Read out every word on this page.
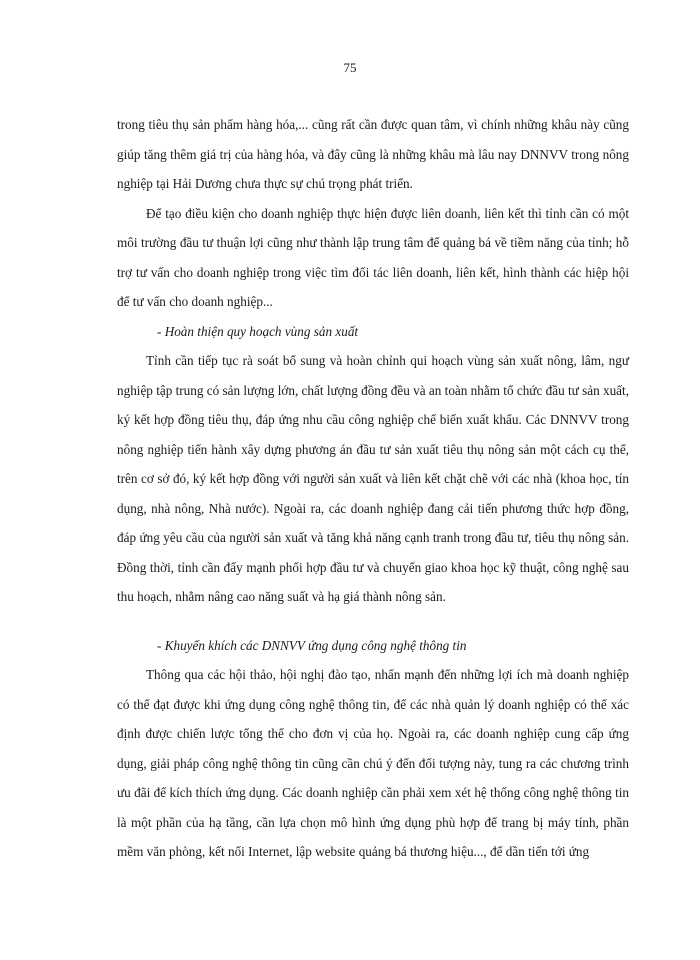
75

trong tiêu thụ sản phẩm hàng hóa,... cũng rất cần được quan tâm, vì chính những khâu này cũng giúp tăng thêm giá trị của hàng hóa, và đây cũng là những khâu mà lâu nay DNNVV trong nông nghiệp tại Hải Dương chưa thực sự chú trọng phát triển.

Để tạo điều kiện cho doanh nghiệp thực hiện được liên doanh, liên kết thì tỉnh cần có một môi trường đầu tư thuận lợi cũng như thành lập trung tâm để quảng bá về tiềm năng của tỉnh; hỗ trợ tư vấn cho doanh nghiệp trong việc tìm đối tác liên doanh, liên kết, hình thành các hiệp hội để tư vấn cho doanh nghiệp...

- Hoàn thiện quy hoạch vùng sản xuất

Tỉnh cần tiếp tục rà soát bổ sung và hoàn chỉnh qui hoạch vùng sản xuất nông, lâm, ngư nghiệp tập trung có sản lượng lớn, chất lượng đồng đều và an toàn nhằm tổ chức đầu tư sản xuất, ký kết hợp đồng tiêu thụ, đáp ứng nhu cầu công nghiệp chế biến xuất khẩu. Các DNNVV trong nông nghiệp tiến hành xây dựng phương án đầu tư sản xuất tiêu thụ nông sản một cách cụ thể, trên cơ sở đó, ký kết hợp đồng với người sản xuất và liên kết chặt chẽ với các nhà (khoa học, tín dụng, nhà nông, Nhà nước). Ngoài ra, các doanh nghiệp đang cải tiến phương thức hợp đồng, đáp ứng yêu cầu của người sản xuất và tăng khả năng cạnh tranh trong đầu tư, tiêu thụ nông sản. Đồng thời, tỉnh cần đẩy mạnh phối hợp đầu tư và chuyển giao khoa học kỹ thuật, công nghệ sau thu hoạch, nhằm nâng cao năng suất và hạ giá thành nông sản.

- Khuyến khích các DNNVV ứng dụng công nghệ thông tin

Thông qua các hội thảo, hội nghị đào tạo, nhấn mạnh đến những lợi ích mà doanh nghiệp có thể đạt được khi ứng dụng công nghệ thông tin, để các nhà quản lý doanh nghiệp có thể xác định được chiến lược tổng thể cho đơn vị của họ. Ngoài ra, các doanh nghiệp cung cấp ứng dụng, giải pháp công nghệ thông tin cũng cần chú ý đến đối tượng này, tung ra các chương trình ưu đãi để kích thích ứng dụng. Các doanh nghiệp cần phải xem xét hệ thống công nghệ thông tin là một phần của hạ tầng, cần lựa chọn mô hình ứng dụng phù hợp để trang bị máy tính, phần mềm văn phòng, kết nối Internet, lập website quảng bá thương hiệu..., để dần tiến tới ứng
